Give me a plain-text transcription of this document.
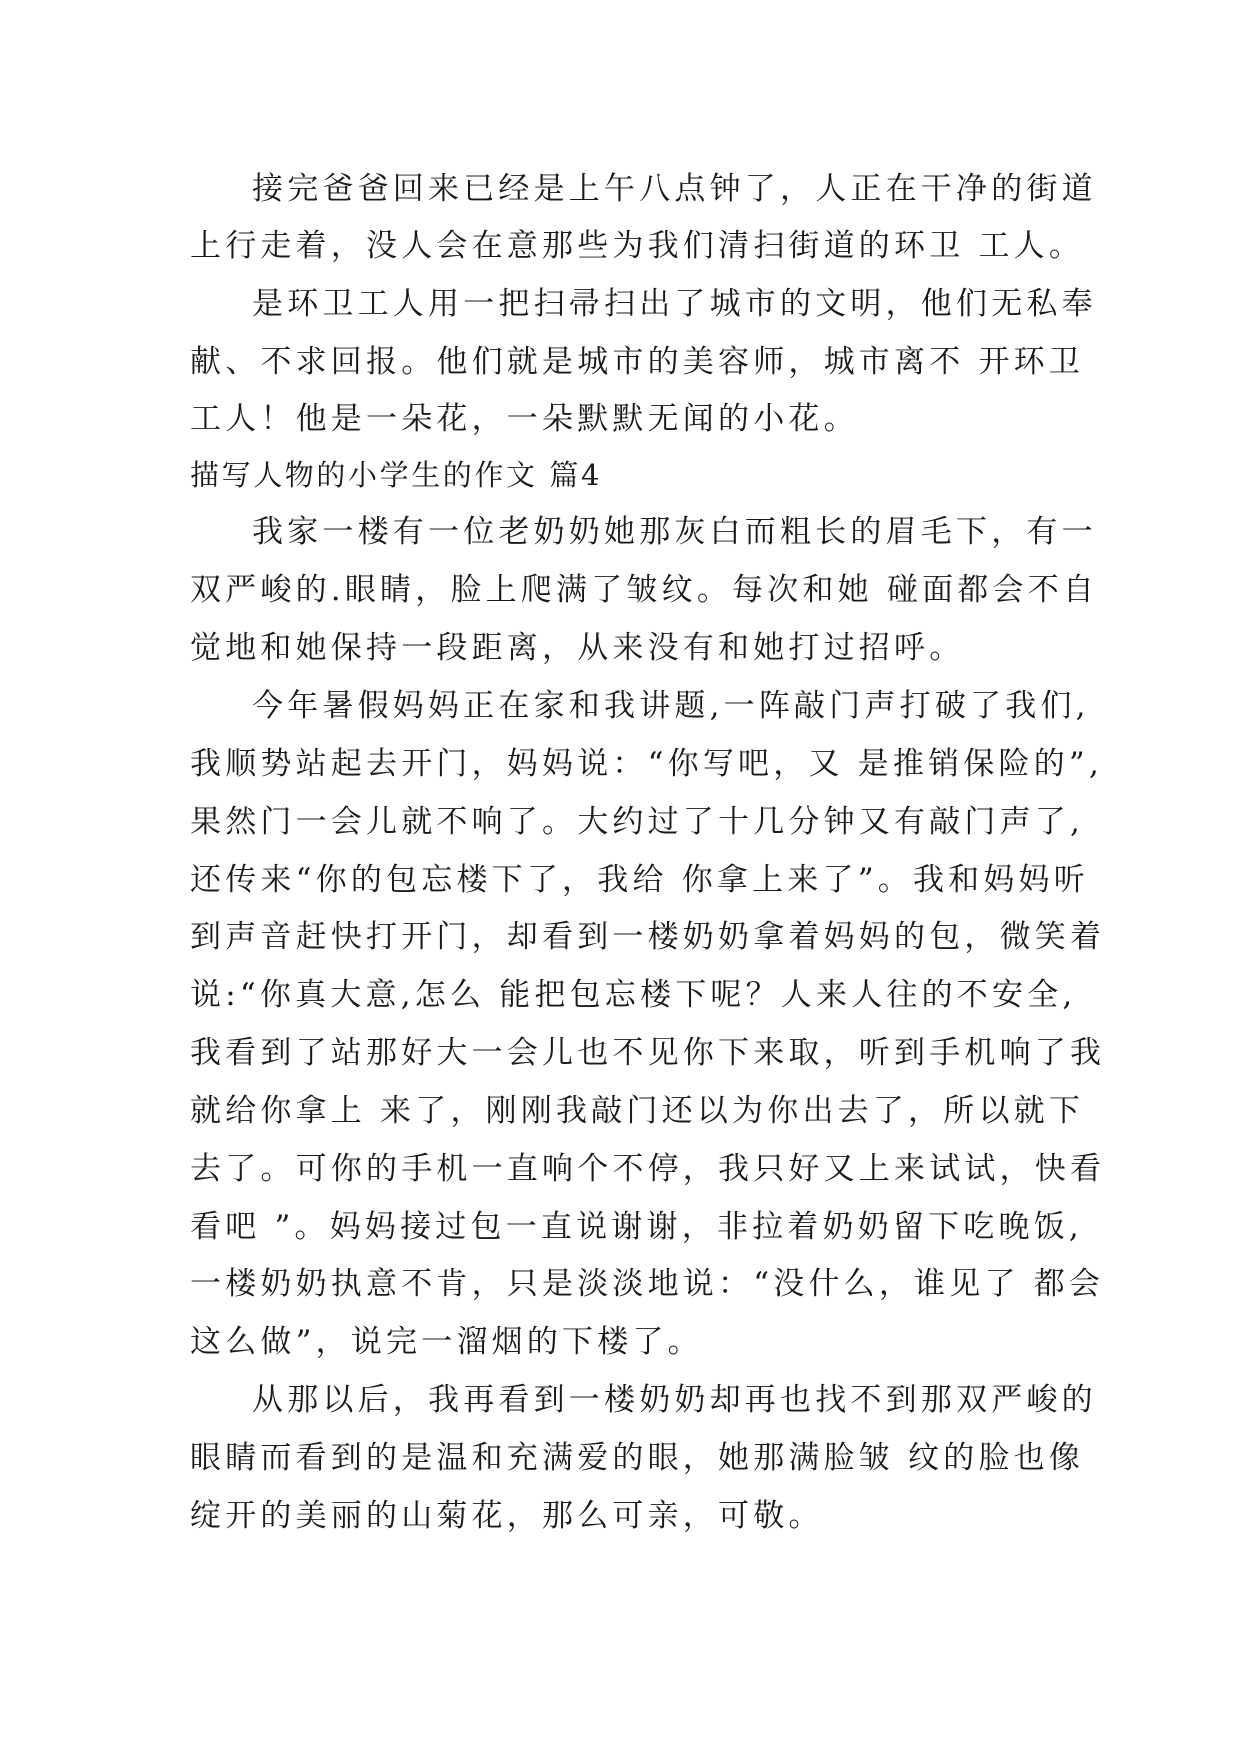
接完爸爸回来已经是上午八点钟了，人正在干净的街道
上行走着，没人会在意那些为我们清扫街道的环卫 工人。
是环卫工人用一把扫帚扫出了城市的文明，他们无私奉
献、不求回报。他们就是城市的美容师，城市离不 开环卫
工人！他是一朵花，一朵默默无闻的小花。
描写人物的小学生的作文 篇4
我家一楼有一位老奶奶她那灰白而粗长的眉毛下，有一
双严峻的.眼睛，脸上爬满了皱纹。每次和她 碰面都会不自
觉地和她保持一段距离，从来没有和她打过招呼。
今年暑假妈妈正在家和我讲题,一阵敲门声打破了我们,
我顺势站起去开门，妈妈说：“你写吧，又 是推销保险的”,
果然门一会儿就不响了。大约过了十几分钟又有敲门声了,
还传来“你的包忘楼下了，我给 你拿上来了”。我和妈妈听
到声音赶快打开门，却看到一楼奶奶拿着妈妈的包，微笑着
说:“你真大意,怎么 能把包忘楼下呢？人来人往的不安全,
我看到了站那好大一会儿也不见你下来取，听到手机响了我
就给你拿上 来了，刚刚我敲门还以为你出去了，所以就下
去了。可你的手机一直响个不停，我只好又上来试试，快看
看吧 ”。妈妈接过包一直说谢谢，非拉着奶奶留下吃晚饭,
一楼奶奶执意不肯，只是淡淡地说：“没什么，谁见了 都会
这么做”，说完一溜烟的下楼了。
从那以后，我再看到一楼奶奶却再也找不到那双严峻的
眼睛而看到的是温和充满爱的眼，她那满脸皱 纹的脸也像
绽开的美丽的山菊花，那么可亲，可敬。
